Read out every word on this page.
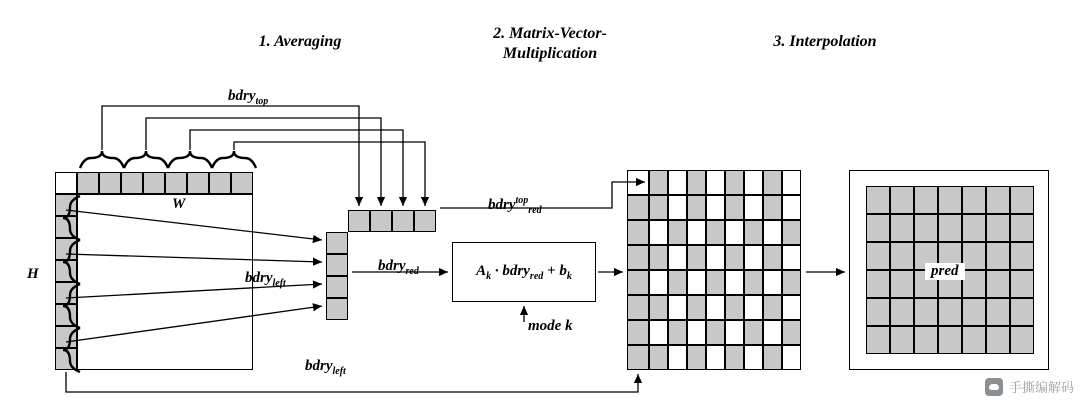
1. Averaging	2. Matrix-Vector-
Multiplication
3. Interpolation
$A_k$ · bdry$_{red}$ + $b_k$	pred
bdry$_{top}$
W
H	bdry$_{left}$
bdry$_{left}$
bdry$^{top}_{red}$
bdry$_{red}$
mode k
手撕编解码
